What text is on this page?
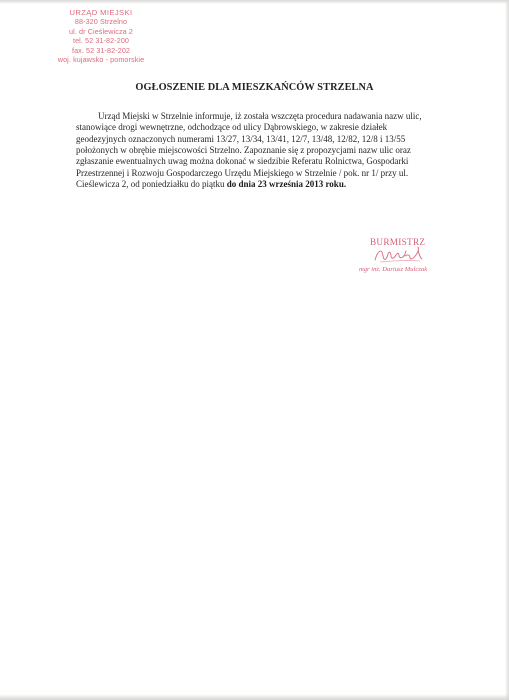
URZĄD MIEJSKI
88-320 Strzelno
ul. dr Cieślewicza 2
tel. 52 31-82-200
fax. 52 31-82-202
woj. kujawsko - pomorskie
OGŁOSZENIE DLA MIESZKAŃCÓW STRZELNA
Urząd Miejski w Strzelnie informuje, iż została wszczęta procedura nadawania nazw ulic,
stanowiące drogi wewnętrzne, odchodzące od ulicy Dąbrowskiego, w zakresie działek
geodezyjnych oznaczonych numerami 13/27, 13/34, 13/41, 12/7, 13/48, 12/82, 12/8 i 13/55
położonych w obrębie miejscowości Strzelno. Zapoznanie się z propozycjami nazw ulic oraz
zgłaszanie ewentualnych uwag można dokonać w siedzibie Referatu Rolnictwa, Gospodarki
Przestrzennej i Rozwoju Gospodarczego Urzędu Miejskiego w Strzelnie / pok. nr 1/ przy ul.
Cieślewicza 2, od poniedziałku do piątku do dnia 23 września 2013 roku.
BURMISTRZ
mgr inż. Dariusz Mulczak
